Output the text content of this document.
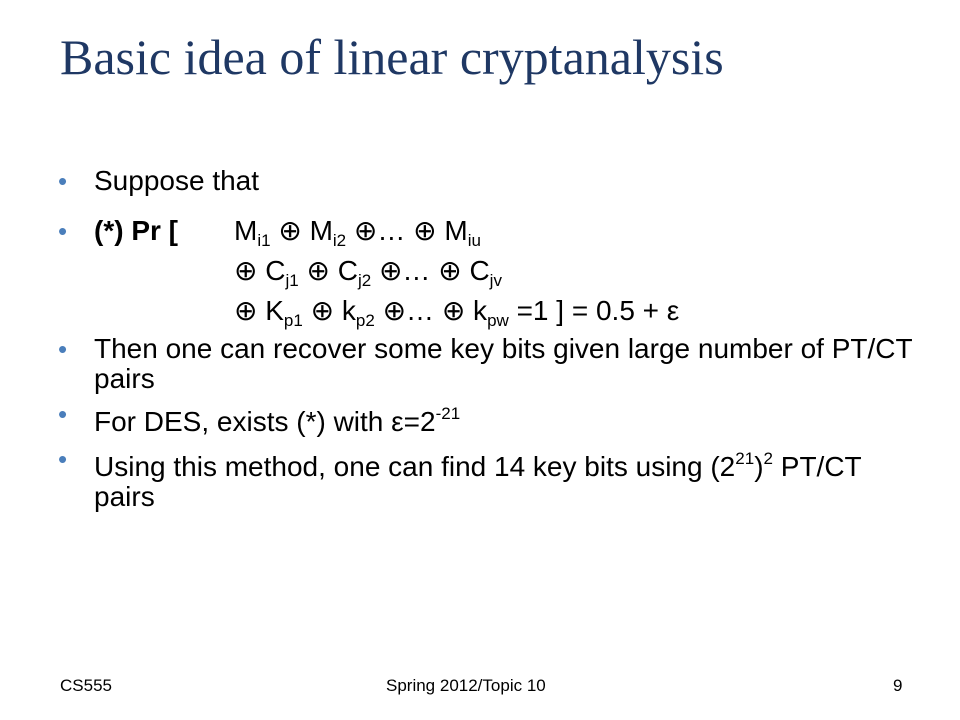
Basic idea of linear cryptanalysis
• Suppose that
• (*) Pr [ $M_{i1}$ ⊕ $M_{i2}$ ⊕… ⊕ $M_{iu}$
⊕ $C_{j1}$ ⊕ $C_{j2}$ ⊕… ⊕ $C_{jv}$
⊕ $K_{p1}$ ⊕ $k_{p2}$ ⊕… ⊕ $k_{pw} =1$ ] = 0.5 + ε
• Then one can recover some key bits given large number of PT/CT pairs
• For DES, exists (*) with $\varepsilon=2^{-21}$
• Using this method, one can find 14 key bits using $(2^{21})^2$ PT/CT pairs
CS555	Spring 2012/Topic 10	9
